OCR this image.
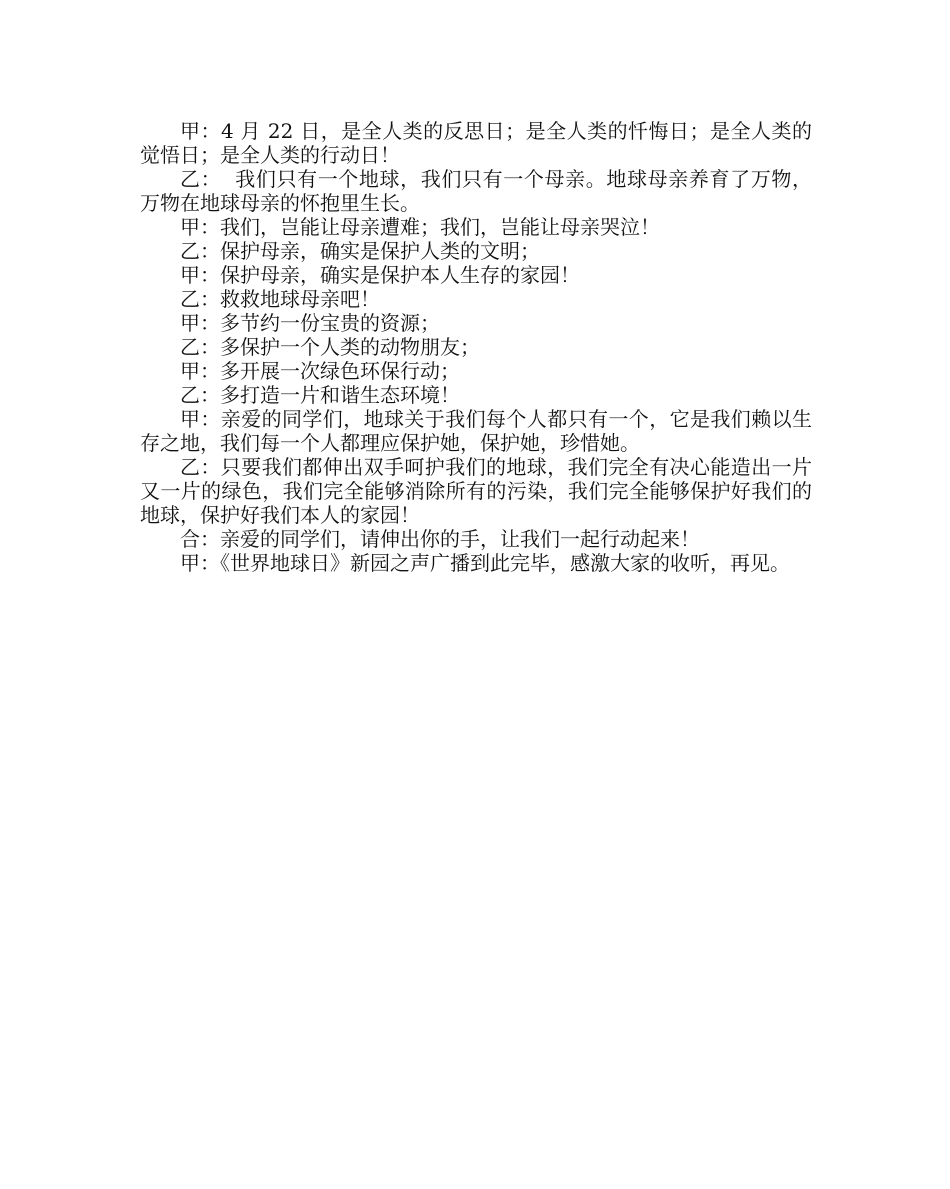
甲：4 月 22 日，是全人类的反思日；是全人类的忏悔日；是全人类的觉悟日；是全人类的行动日！

乙：  我们只有一个地球，我们只有一个母亲。地球母亲养育了万物，  万物在地球母亲的怀抱里生长。

甲：我们，岂能让母亲遭难；我们，岂能让母亲哭泣！

乙：保护母亲，确实是保护人类的文明；

甲：保护母亲，确实是保护本人生存的家园！

乙：救救地球母亲吧！

甲：多节约一份宝贵的资源；

乙：多保护一个人类的动物朋友；

甲：多开展一次绿色环保行动；

乙：多打造一片和谐生态环境！

甲：亲爱的同学们，地球关于我们每个人都只有一个，它是我们赖以生存之地，我们每一个人都理应保护她，保护她，珍惜她。

乙：只要我们都伸出双手呵护我们的地球，我们完全有决心能造出一片又一片的绿色，我们完全能够消除所有的污染，我们完全能够保护好我们的地球，保护好我们本人的家园！

合：亲爱的同学们，请伸出你的手，让我们一起行动起来！

甲：《世界地球日》新园之声广播到此完毕，感激大家的收听，再见。
